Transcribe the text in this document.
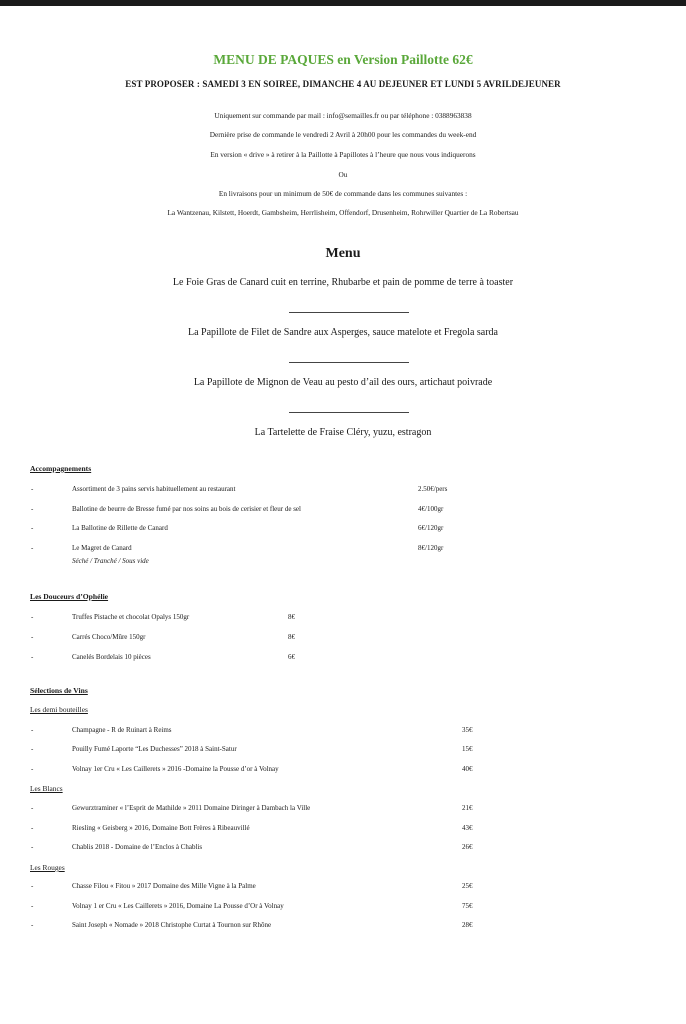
MENU DE PAQUES en Version Paillotte 62€
EST PROPOSER : SAMEDI 3 EN SOIREE, DIMANCHE 4 AU DEJEUNER ET LUNDI 5 AVRILDEJEUNER
Uniquement sur commande par mail : info@semailles.fr ou par téléphone : 0388963838
Dernière prise de commande le vendredi 2 Avril à 20h00 pour les commandes du week-end
En version « drive » à retirer à la Paillotte à Papillotes à l’heure que nous vous indiquerons
Ou
En livraisons pour un minimum de 50€ de commande dans les communes suivantes :
La Wantzenau, Kilstett, Hoerdt, Gambsheim, Herrlisheim, Offendorf, Drusenheim, Rohrwiller Quartier de La Robertsau
Menu
Le Foie Gras de Canard cuit en terrine, Rhubarbe et pain de pomme de terre à toaster
La Papillote de Filet de Sandre aux Asperges, sauce matelote et Fregola sarda
La Papillote de Mignon de Veau au pesto d’ail des ours, artichaut poivrade
La Tartelette de Fraise Cléry, yuzu, estragon
Accompagnements
-	Assortiment de 3 pains servis habituellement au restaurant	2.50€/pers
-	Ballotine de beurre de Bresse fumé par nos soins au bois de cerisier et fleur de sel	4€/100gr
-	La Ballotine de Rillette de Canard	6€/120gr
-	Le Magret de Canard	8€/120gr
Séché / Tranché / Sous vide
Les Douceurs d’Ophélie
-	Truffes Pistache et chocolat Opalys 150gr	8€
-	Carrés Choco/Mûre 150gr	8€
-	Canelés Bordelais 10 pièces	6€
Sélections de Vins
Les demi bouteilles
-	Champagne - R de Ruinart à Reims	35€
-	Pouilly Fumé Laporte “Les Duchesses” 2018 à Saint-Satur	15€
-	Volnay 1er Cru « Les Caillerets » 2016 -Domaine la Pousse d’or à Volnay	40€
Les Blancs
-	Gewurztraminer « l’Esprit de Mathilde » 2011 Domaine Diringer à Dambach la Ville	21€
-	Riesling « Geisberg » 2016, Domaine Bott Frères à Ribeauvillé	43€
-	Chablis 2018 - Domaine de l’Enclos à Chablis	26€
Les Rouges
-	Chasse Filou « Fitou » 2017 Domaine des Mille Vigne à la Palme	25€
-	Volnay 1 er Cru « Les Caillerets » 2016, Domaine La Pousse d’Or à Volnay	75€
-	Saint Joseph « Nomade » 2018 Christophe Curtat à Tournon sur Rhône	28€
